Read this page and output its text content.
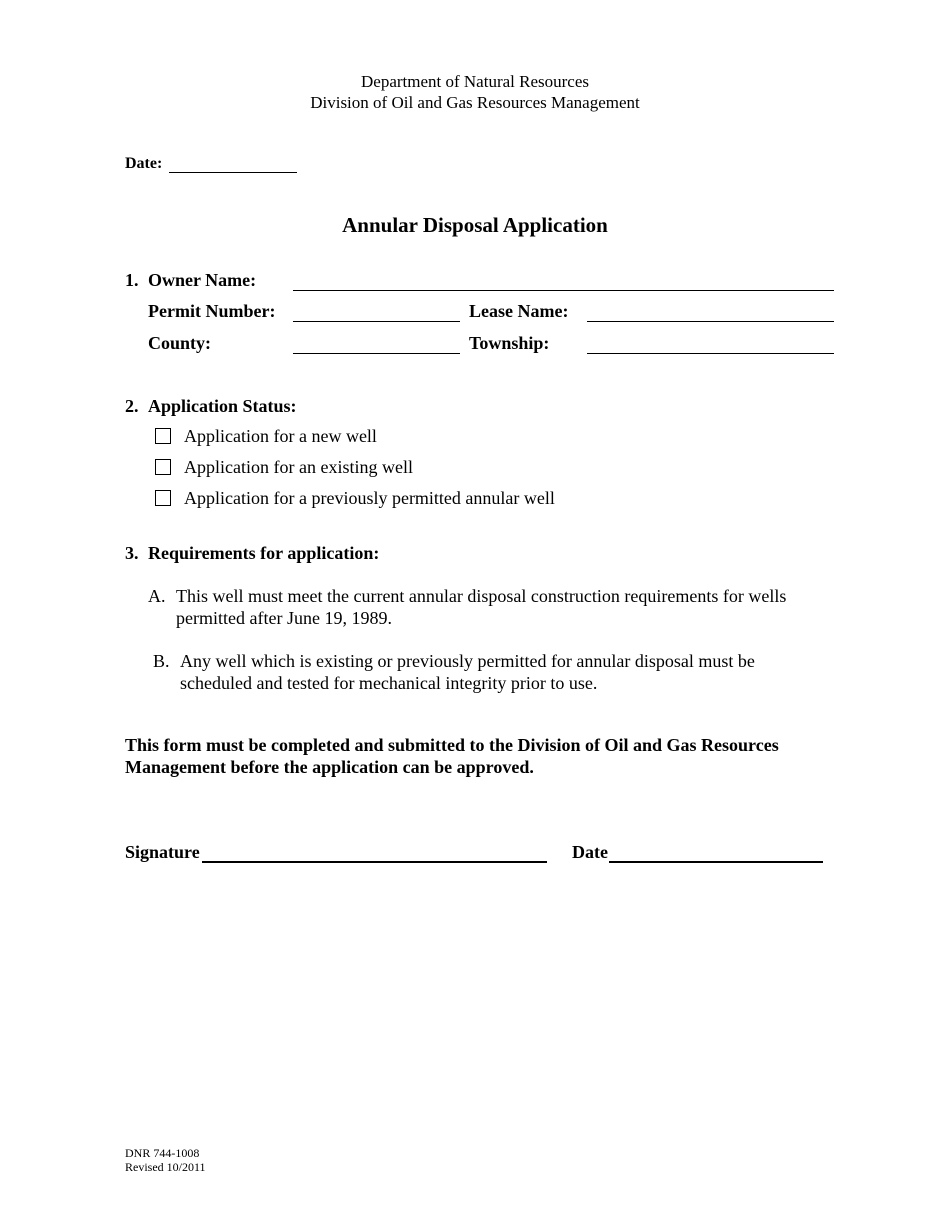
Department of Natural Resources
Division of Oil and Gas Resources Management
Date:
Annular Disposal Application
1. Owner Name:
Permit Number:	Lease Name:
County:	Township:
2. Application Status:
Application for a new well
Application for an existing well
Application for a previously permitted annular well
3. Requirements for application:
A. This well must meet the current annular disposal construction requirements for wells
permitted after June 19, 1989.
B. Any well which is existing or previously permitted for annular disposal must be
scheduled and tested for mechanical integrity prior to use.
This form must be completed and submitted to the Division of Oil and Gas Resources
Management before the application can be approved.
Signature	Date
DNR 744-1008
Revised 10/2011
